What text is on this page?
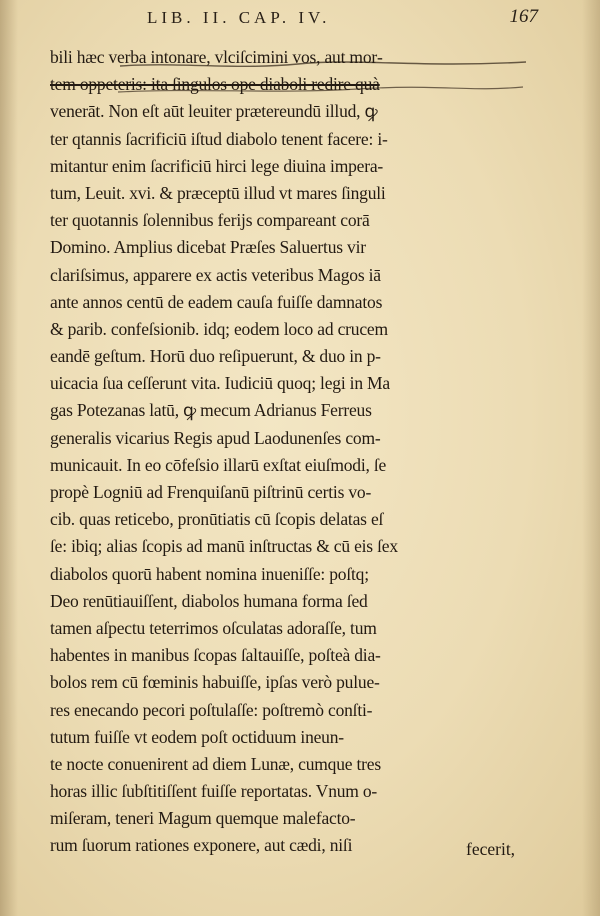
LIB. II. CAP. IV.	167
bili hæc verba intonare, vlciſcimini vos, aut mor‑
tem oppeteris: ita ſingulos ope diaboli redire quà
venerāt. Non eſt aūt leuiter prætereundū illud, ꝙ
ter qtannis ſacrificiū iſtud diabolo tenent facere: i‑
mitantur enim ſacrificiū hirci lege diuina impera-
tum, Leuit. xvi. & præceptū illud vt mares ſinguli
ter quotannis ſolennibus ferijs compareant corā
Domino. Amplius dicebat Præſes Saluertus vir
clariſsimus, apparere ex actis veteribus Magos iā
ante annos centū de eadem cauſa fuiſſe damnatos
& parib. confeſsionib. idq; eodem loco ad crucem
eandē geſtum. Horū duo reſipuerunt, & duo in p‑
uicacia ſua ceſſerunt vita. Iudiciū quoq; legi in Ma
gas Potezanas latū, ꝙ mecum Adrianus Ferreus
generalis vicarius Regis apud Laodunenſes com‑
municauit. In eo cōfeſsio illarū exſtat eiuſmodi, ſe
propè Logniū ad Frenquiſanū piſtrinū certis vo‑
cib. quas reticebo, pronūtiatis cū ſcopis delatas eſ
ſe: ibiq; alias ſcopis ad manū inſtructas & cū eis ſex
diabolos quorū habent nomina inueniſſe: poſtq;
Deo renūtiauiſſent, diabolos humana forma ſed
tamen aſpectu teterrimos oſculatas adoraſſe, tum
habentes in manibus ſcopas ſaltauiſſe, poſteà dia-
bolos rem cū fœminis habuiſſe, ipſas verò pulue‑
res enecando pecori poſtulaſſe: poſtremò conſti-
tutum fuiſſe vt eodem poſt octiduum ineun-
te nocte conuenirent ad diem Lunæ, cumque tres
horas illic ſubſtitiſſent fuiſſe reportatas. Vnum o‑
miſeram, teneri Magum quemque malefacto‑
rum ſuorum rationes exponere, aut cædi, niſi	fecerit,
